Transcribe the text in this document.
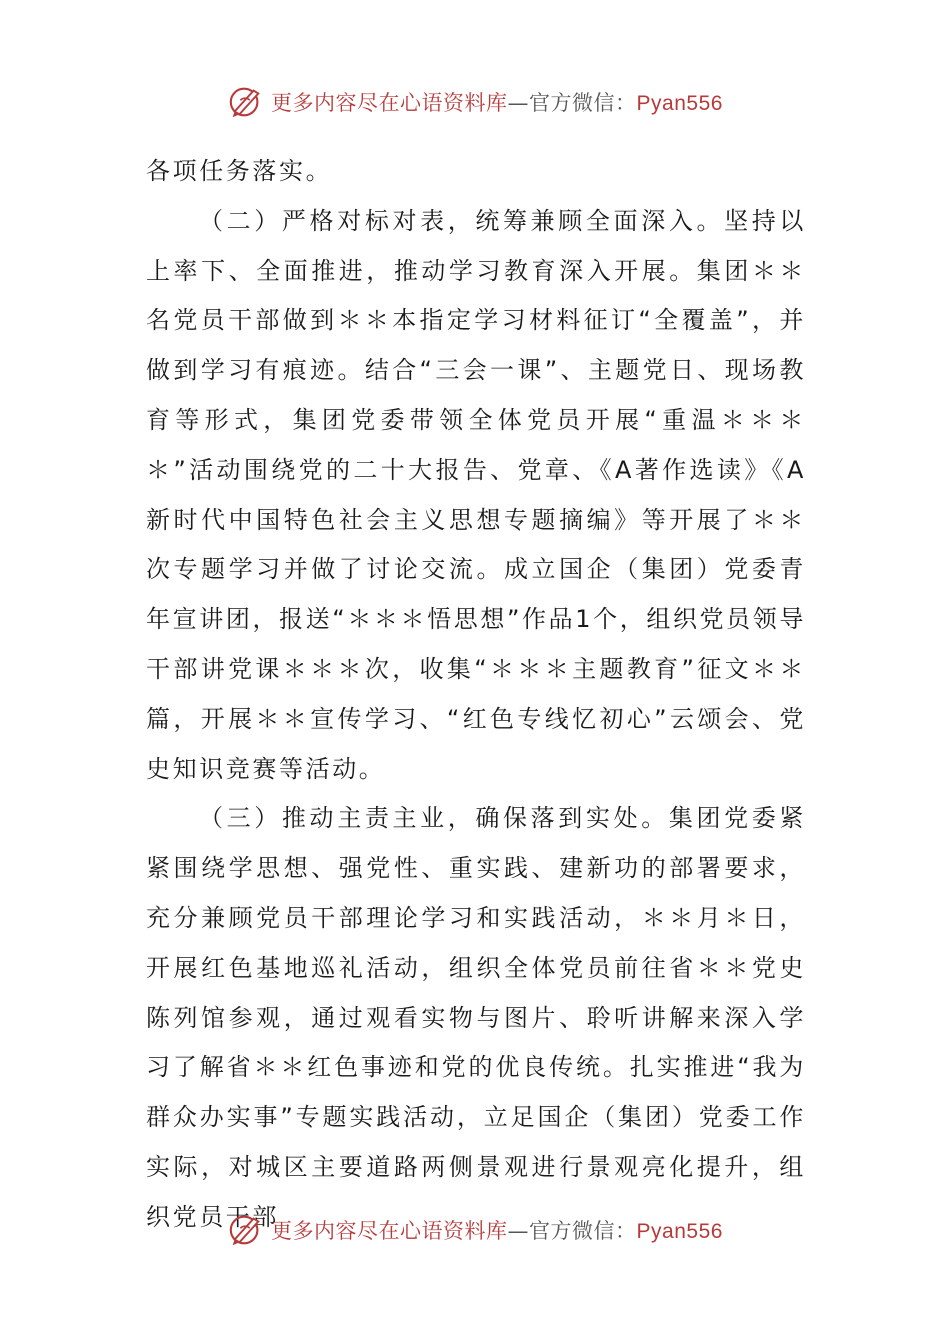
更多内容尽在心语资料库—官方微信：Pyan556

各项任务落实。

（二）严格对标对表，统筹兼顾全面深入。坚持以上率下、全面推进，推动学习教育深入开展。集团＊＊名党员干部做到＊＊本指定学习材料征订“全覆盖”，并做到学习有痕迹。结合“三会一课”、主题党日、现场教育等形式，集团党委带领全体党员开展“重温＊＊＊＊”活动围绕党的二十大报告、党章、《A著作选读》《A新时代中国特色社会主义思想专题摘编》等开展了＊＊次专题学习并做了讨论交流。成立国企（集团）党委青年宣讲团，报送“＊＊＊悟思想”作品1个，组织党员领导干部讲党课＊＊＊次，收集“＊＊＊主题教育”征文＊＊篇，开展＊＊宣传学习、“红色专线忆初心”云颂会、党史知识竞赛等活动。

（三）推动主责主业，确保落到实处。集团党委紧紧围绕学思想、强党性、重实践、建新功的部署要求，充分兼顾党员干部理论学习和实践活动，＊＊月＊日，开展红色基地巡礼活动，组织全体党员前往省＊＊党史陈列馆参观，通过观看实物与图片、聆听讲解来深入学习了解省＊＊红色事迹和党的优良传统。扎实推进“我为群众办实事”专题实践活动，立足国企（集团）党委工作实际，对城区主要道路两侧景观进行景观亮化提升，组织党员干部

更多内容尽在心语资料库—官方微信：Pyan556
